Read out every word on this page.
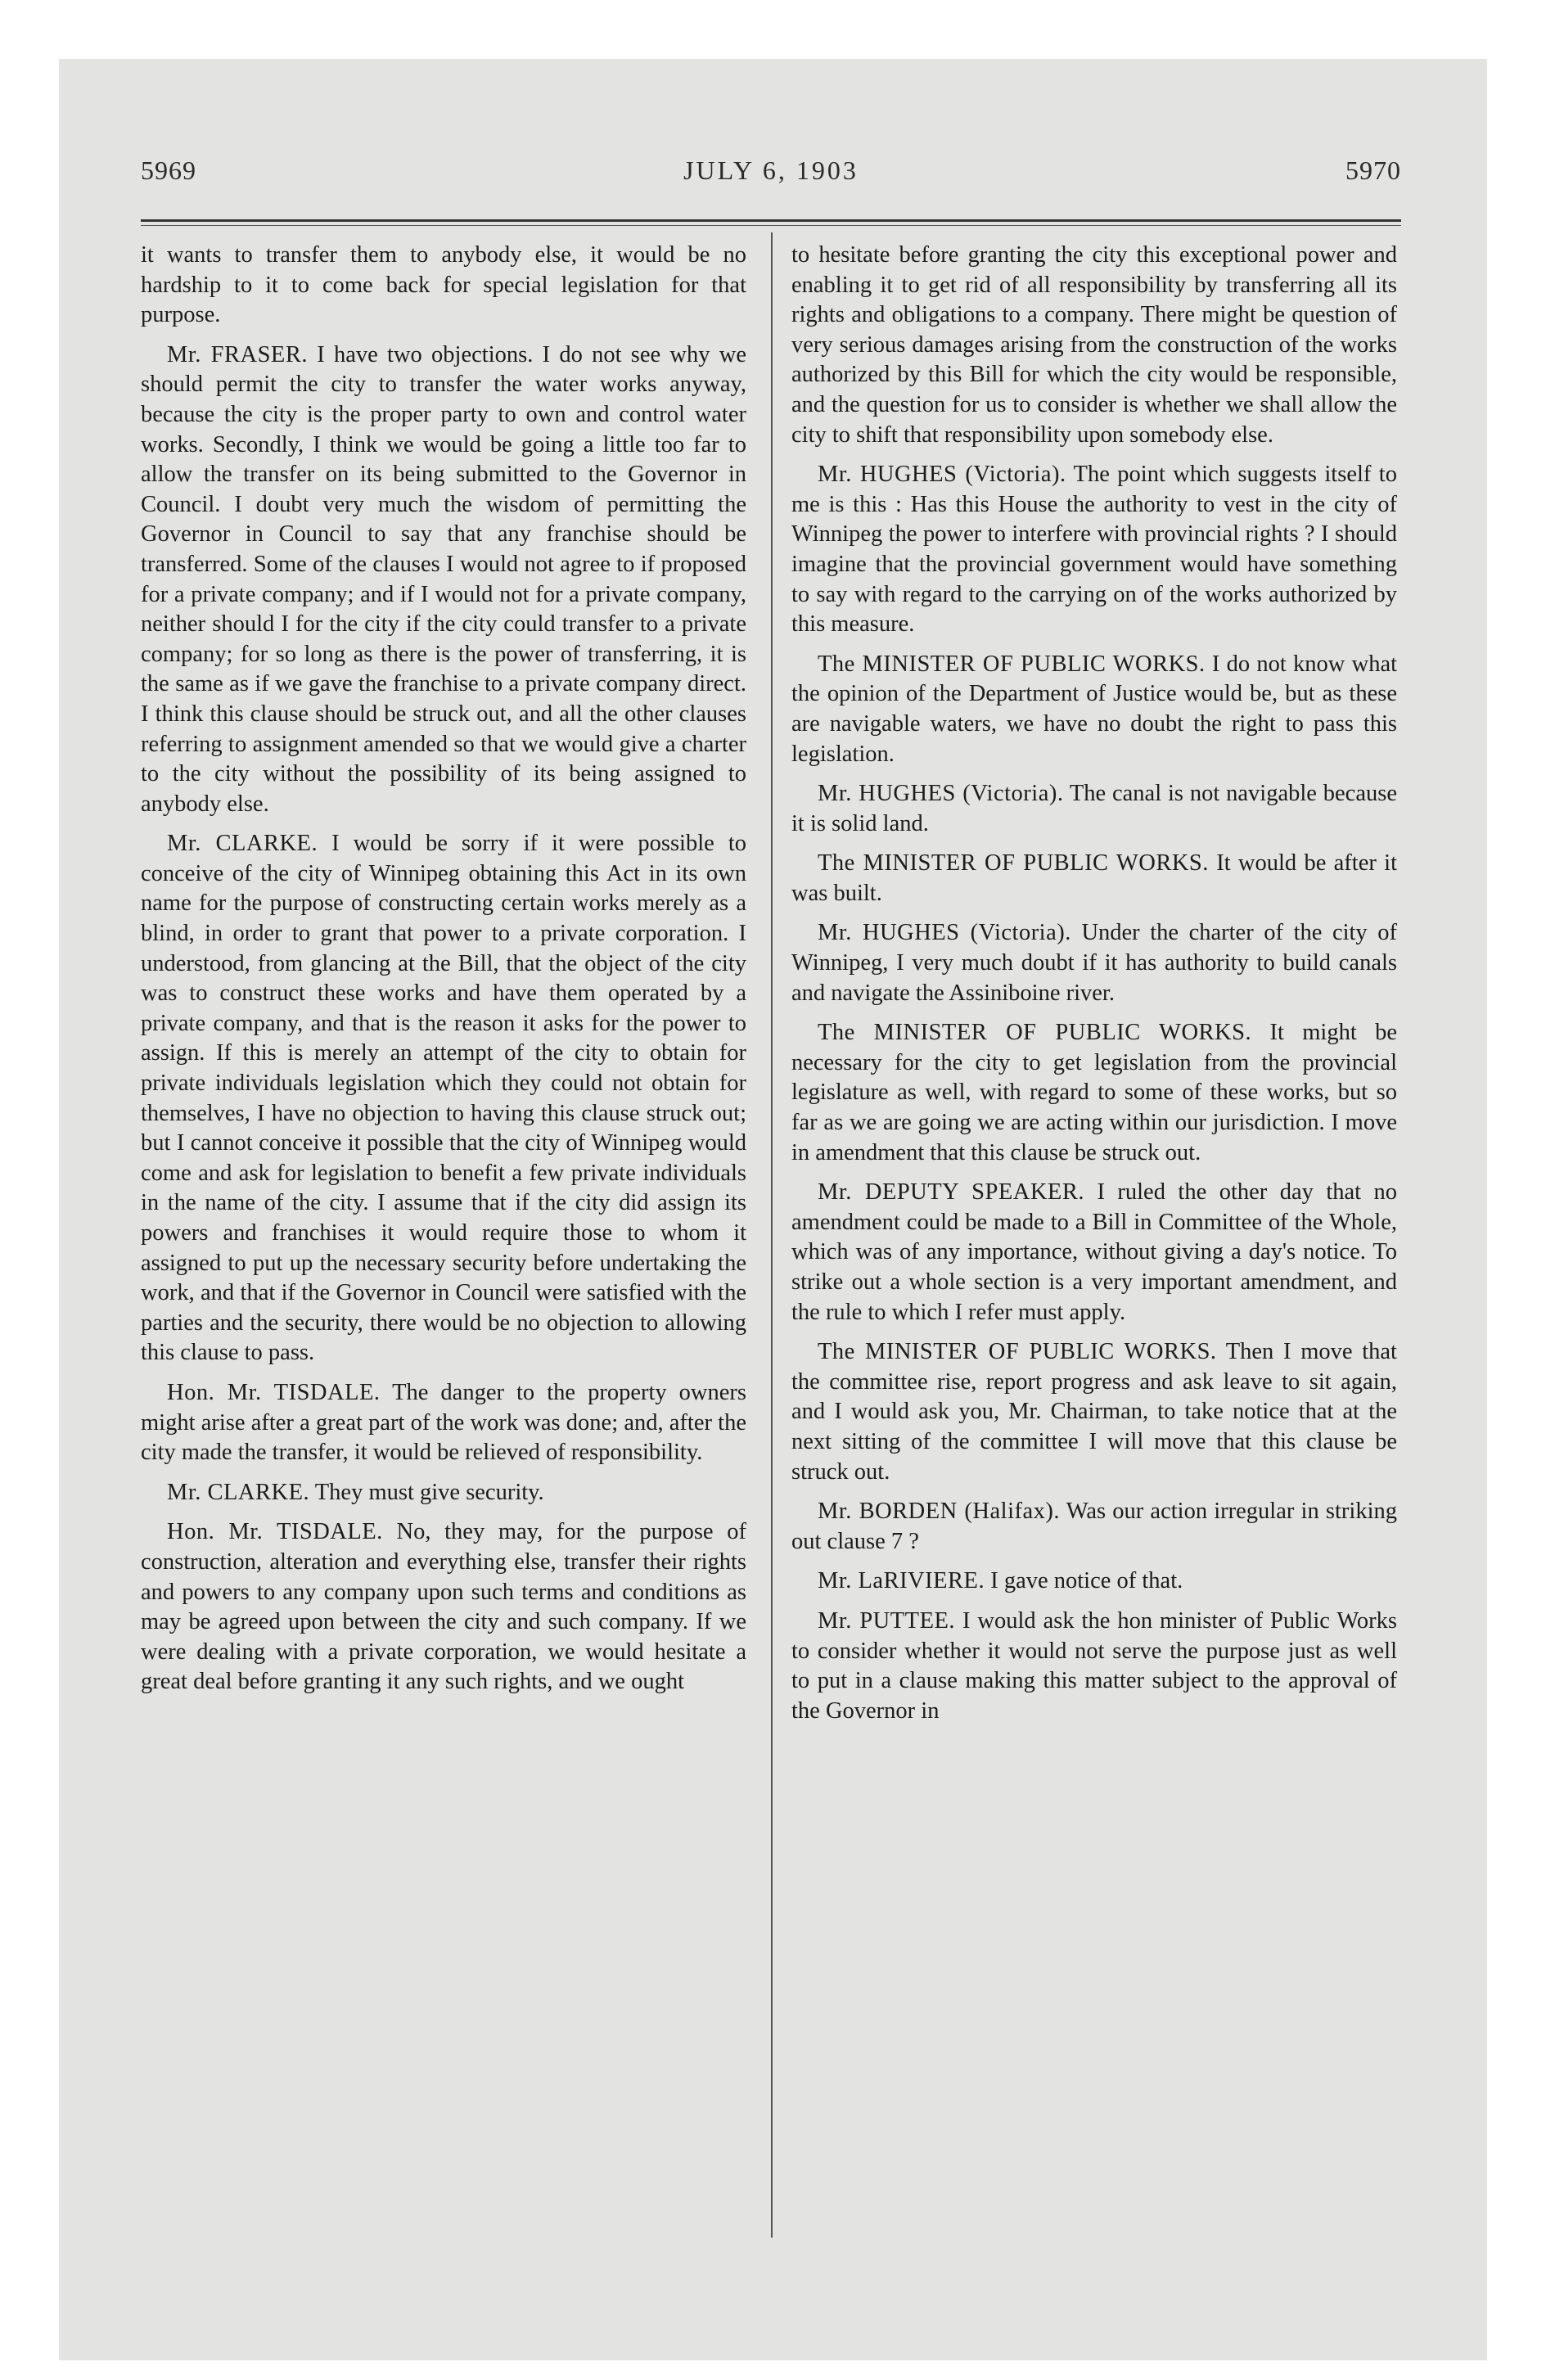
5969	JULY 6, 1903	5970

it wants to transfer them to anybody else, it would be no hardship to it to come back for special legislation for that purpose.

Mr. FRASER. I have two objections. I do not see why we should permit the city to transfer the water works anyway, because the city is the proper party to own and control water works. Secondly, I think we would be going a little too far to allow the transfer on its being submitted to the Governor in Council. I doubt very much the wisdom of permitting the Governor in Council to say that any franchise should be transferred. Some of the clauses I would not agree to if proposed for a private company; and if I would not for a private company, neither should I for the city if the city could transfer to a private company; for so long as there is the power of transferring, it is the same as if we gave the franchise to a private company direct. I think this clause should be struck out, and all the other clauses referring to assignment amended so that we would give a charter to the city without the possibility of its being assigned to anybody else.

Mr. CLARKE. I would be sorry if it were possible to conceive of the city of Winnipeg obtaining this Act in its own name for the purpose of constructing certain works merely as a blind, in order to grant that power to a private corporation. I understood, from glancing at the Bill, that the object of the city was to construct these works and have them operated by a private company, and that is the reason it asks for the power to assign. If this is merely an attempt of the city to obtain for private individuals legislation which they could not obtain for themselves, I have no objection to having this clause struck out; but I cannot conceive it possible that the city of Winnipeg would come and ask for legislation to benefit a few private individuals in the name of the city. I assume that if the city did assign its powers and franchises it would require those to whom it assigned to put up the necessary security before undertaking the work, and that if the Governor in Council were satisfied with the parties and the security, there would be no objection to allowing this clause to pass.

Hon. Mr. TISDALE. The danger to the property owners might arise after a great part of the work was done; and, after the city made the transfer, it would be relieved of responsibility.

Mr. CLARKE. They must give security.

Hon. Mr. TISDALE. No, they may, for the purpose of construction, alteration and everything else, transfer their rights and powers to any company upon such terms and conditions as may be agreed upon between the city and such company. If we were dealing with a private corporation, we would hesitate a great deal before granting it any such rights, and we ought

to hesitate before granting the city this exceptional power and enabling it to get rid of all responsibility by transferring all its rights and obligations to a company. There might be question of very serious damages arising from the construction of the works authorized by this Bill for which the city would be responsible, and the question for us to consider is whether we shall allow the city to shift that responsibility upon somebody else.

Mr. HUGHES (Victoria). The point which suggests itself to me is this : Has this House the authority to vest in the city of Winnipeg the power to interfere with provincial rights ? I should imagine that the provincial government would have something to say with regard to the carrying on of the works authorized by this measure.

The MINISTER OF PUBLIC WORKS. I do not know what the opinion of the Department of Justice would be, but as these are navigable waters, we have no doubt the right to pass this legislation.

Mr. HUGHES (Victoria). The canal is not navigable because it is solid land.

The MINISTER OF PUBLIC WORKS. It would be after it was built.

Mr. HUGHES (Victoria). Under the charter of the city of Winnipeg, I very much doubt if it has authority to build canals and navigate the Assiniboine river.

The MINISTER OF PUBLIC WORKS. It might be necessary for the city to get legislation from the provincial legislature as well, with regard to some of these works, but so far as we are going we are acting within our jurisdiction. I move in amendment that this clause be struck out.

Mr. DEPUTY SPEAKER. I ruled the other day that no amendment could be made to a Bill in Committee of the Whole, which was of any importance, without giving a day's notice. To strike out a whole section is a very important amendment, and the rule to which I refer must apply.

The MINISTER OF PUBLIC WORKS. Then I move that the committee rise, report progress and ask leave to sit again, and I would ask you, Mr. Chairman, to take notice that at the next sitting of the committee I will move that this clause be struck out.

Mr. BORDEN (Halifax). Was our action irregular in striking out clause 7 ?

Mr. LaRIVIERE. I gave notice of that.

Mr. PUTTEE. I would ask the hon minister of Public Works to consider whether it would not serve the purpose just as well to put in a clause making this matter subject to the approval of the Governor in
